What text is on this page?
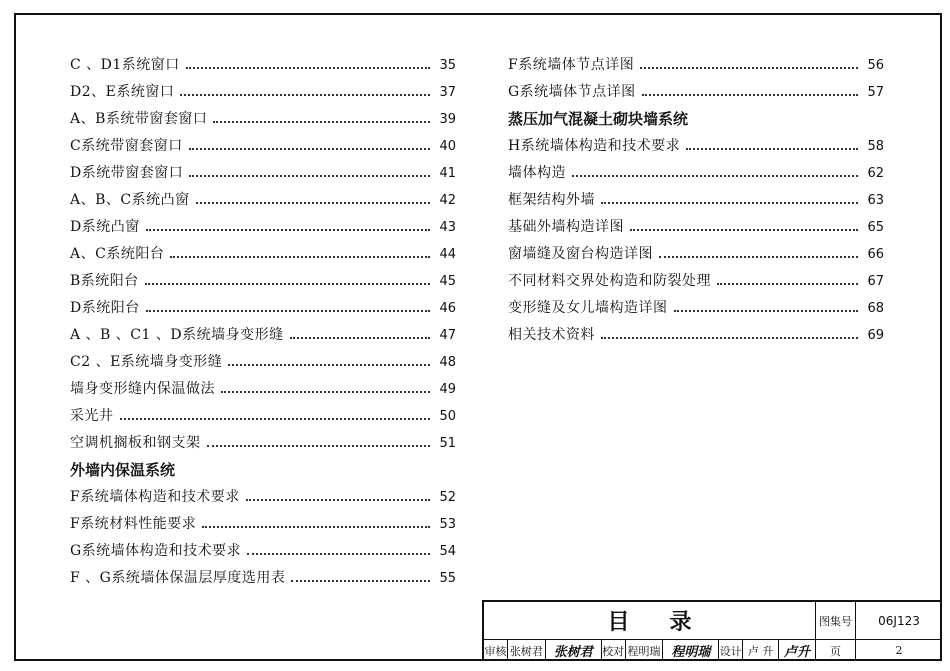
C 、D1系统窗口	35
D2、E系统窗口	37
A、B系统带窗套窗口	39
C系统带窗套窗口	40
D系统带窗套窗口	41
A、B、C系统凸窗	42
D系统凸窗	43
A、C系统阳台	44
B系统阳台	45
D系统阳台	46
A 、B 、C1 、D系统墙身变形缝	47
C2 、E系统墙身变形缝	48
墙身变形缝内保温做法	49
采光井	50
空调机搁板和钢支架	51
外墙内保温系统
F系统墙体构造和技术要求	52
F系统材料性能要求	53
G系统墙体构造和技术要求	54
F 、G系统墙体保温层厚度选用表	55
F系统墙体节点详图	56
G系统墙体节点详图	57
蒸压加气混凝土砌块墙系统
H系统墙体构造和技术要求	58
墙体构造	62
框架结构外墙	63
基础外墙构造详图	65
窗墙缝及窗台构造详图	66
不同材料交界处构造和防裂处理	67
变形缝及女儿墙构造详图	68
相关技术资料	69
目录	图集号	06J123
审核 张树君 张树君 校对 程明瑞 程明瑞 设计 卢 升 卢升	页	2
